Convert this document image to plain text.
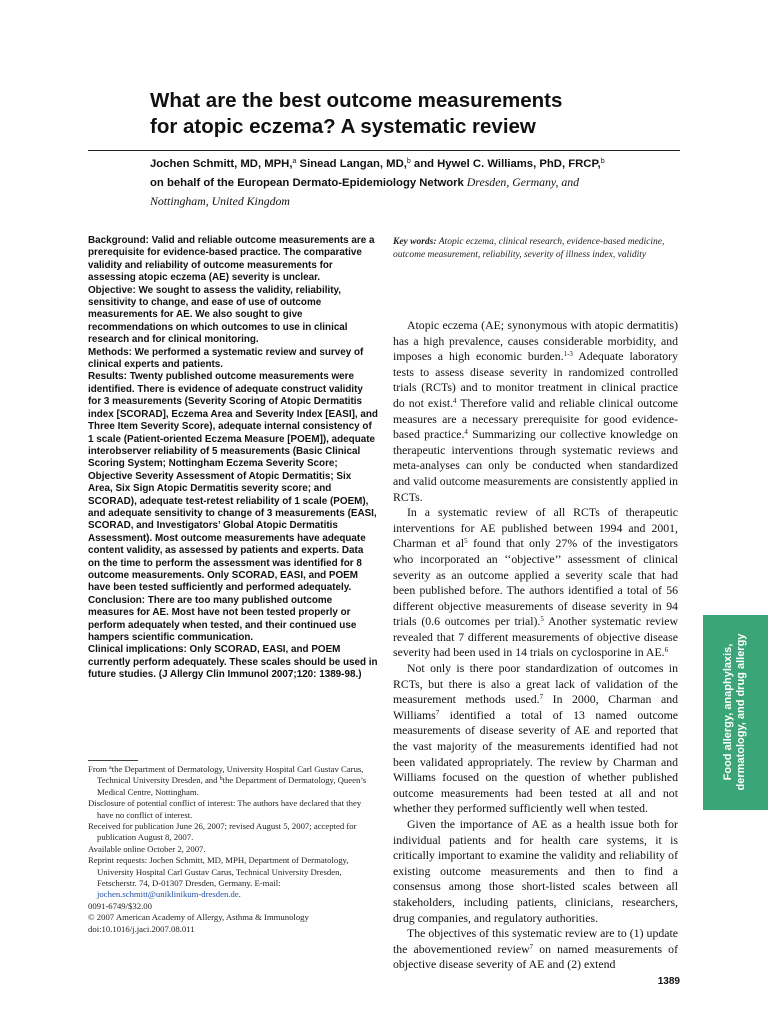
What are the best outcome measurements
for atopic eczema? A systematic review
Jochen Schmitt, MD, MPH,$^a$ Sinead Langan, MD,$^b$ and Hywel C. Williams, PhD, FRCP,$^b$
on behalf of the European Dermato-Epidemiology Network Dresden, Germany, and
Nottingham, United Kingdom

Background: Valid and reliable outcome measurements are a prerequisite for evidence-based practice. The comparative validity and reliability of outcome measurements for assessing atopic eczema (AE) severity is unclear.

Objective: We sought to assess the validity, reliability, sensitivity to change, and ease of use of outcome measurements for AE. We also sought to give recommendations on which outcomes to use in clinical research and for clinical monitoring.

Methods: We performed a systematic review and survey of clinical experts and patients.

Results: Twenty published outcome measurements were identified. There is evidence of adequate construct validity for 3 measurements (Severity Scoring of Atopic Dermatitis index [SCORAD], Eczema Area and Severity Index [EASI], and Three Item Severity Score), adequate internal consistency of 1 scale (Patient-oriented Eczema Measure [POEM]), adequate interobserver reliability of 5 measurements (Basic Clinical Scoring System; Nottingham Eczema Severity Score; Objective Severity Assessment of Atopic Dermatitis; Six Area, Six Sign Atopic Dermatitis severity score; and SCORAD), adequate test-retest reliability of 1 scale (POEM), and adequate sensitivity to change of 3 measurements (EASI, SCORAD, and Investigators’ Global Atopic Dermatitis Assessment). Most outcome measurements have adequate content validity, as assessed by patients and experts. Data on the time to perform the assessment was identified for 8 outcome measurements. Only SCORAD, EASI, and POEM have been tested sufficiently and performed adequately.

Conclusion: There are too many published outcome measures for AE. Most have not been tested properly or perform adequately when tested, and their continued use hampers scientific communication.

Clinical implications: Only SCORAD, EASI, and POEM currently perform adequately. These scales should be used in future studies. (J Allergy Clin Immunol 2007;120: 1389-98.)

From $^a$the Department of Dermatology, University Hospital Carl Gustav Carus, Technical University Dresden, and $^b$the Department of Dermatology, Queen’s Medical Centre, Nottingham.

Disclosure of potential conflict of interest: The authors have declared that they have no conflict of interest.

Received for publication June 26, 2007; revised August 5, 2007; accepted for publication August 8, 2007.

Available online October 2, 2007.

Reprint requests: Jochen Schmitt, MD, MPH, Department of Dermatology, University Hospital Carl Gustav Carus, Technical University Dresden, Fetscherstr. 74, D-01307 Dresden, Germany. E-mail: jochen.schmitt@uniklinikum-dresden.de.

0091-6749/$32.00

© 2007 American Academy of Allergy, Asthma & Immunology

doi:10.1016/j.jaci.2007.08.011

Key words: Atopic eczema, clinical research, evidence-based medicine, outcome measurement, reliability, severity of illness index, validity

Atopic eczema (AE; synonymous with atopic dermatitis) has a high prevalence, causes considerable morbidity, and imposes a high economic burden.$^{1-3}$ Adequate laboratory tests to assess disease severity in randomized controlled trials (RCTs) and to monitor treatment in clinical practice do not exist.$^4$ Therefore valid and reliable clinical outcome measures are a necessary prerequisite for good evidence-based practice.$^4$ Summarizing our collective knowledge on therapeutic interventions through systematic reviews and meta-analyses can only be conducted when standardized and valid outcome measurements are consistently applied in RCTs.

In a systematic review of all RCTs of therapeutic interventions for AE published between 1994 and 2001, Charman et $al^5$ found that only 27% of the investigators who incorporated an ‘‘objective’’ assessment of clinical severity as an outcome applied a severity scale that had been published before. The authors identified a total of 56 different objective measurements of disease severity in 94 trials (0.6 outcomes per trial).$^5$ Another systematic review revealed that 7 different measurements of objective disease severity had been used in 14 trials on cyclosporine in AE.$^6$

Not only is there poor standardization of outcomes in RCTs, but there is also a great lack of validation of the measurement methods used.$^7$ In 2000, Charman and Williams$^7$ identified a total of 13 named outcome measurements of disease severity of AE and reported that the vast majority of the measurements identified had not been validated appropriately. The review by Charman and Williams focused on the question of whether published outcome measurements had been tested at all and not whether they performed sufficiently well when tested.

Given the importance of AE as a health issue both for individual patients and for health care systems, it is critically important to examine the validity and reliability of existing outcome measurements and then to find a consensus among those short-listed scales between all stakeholders, including patients, clinicians, researchers, drug companies, and regulatory authorities.

The objectives of this systematic review are to (1) update the abovementioned review$^7$ on named measurements of objective disease severity of AE and (2) extend

Food allergy, anaphylaxis, dermatology, and drug allergy
1389
